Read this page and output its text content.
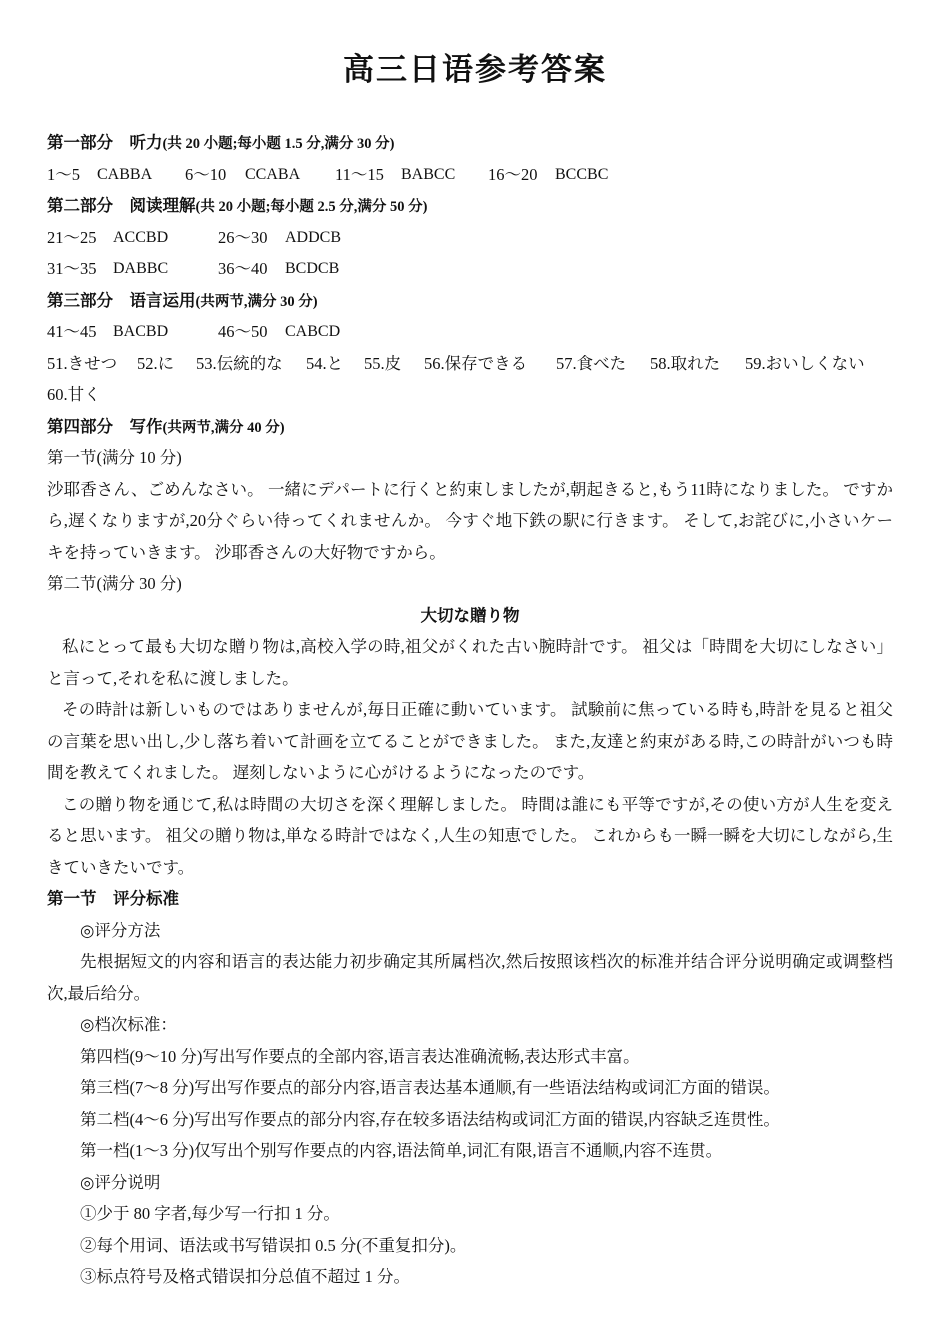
高三日语参考答案
第一部分　听力(共 20 小题;每小题 1.5 分,满分 30 分)
1～5 CABBA 6～10 CCABA 11～15 BABCC 16～20 BCCBC
第二部分　阅读理解(共 20 小题;每小题 2.5 分,满分 50 分)
21～25 ACCBD	26～30 ADDCB
31～35 DABBC	36～40 BCDCB
第三部分　语言运用(共两节,满分 30 分)
41～45 BACBD	46～50 CABCD
51.きせつ 52.に 53.伝統的な 54.と 55.皮 56.保存できる 57.食べた 58.取れた 59.おいしくない
60.甘く
第四部分　写作(共两节,满分 40 分)
第一节(满分 10 分)

沙耶香さん、ごめんなさい。 一緒にデパートに行くと約束しましたが,朝起きると,もう11時になりました。 ですから,遅くなりますが,20分ぐらい待ってくれませんか。 今すぐ地下鉄の駅に行きます。 そして,お詫びに,小さいケーキを持っていきます。 沙耶香さんの大好物ですから。

第二节(满分 30 分)
大切な贈り物

私にとって最も大切な贈り物は,高校入学の時,祖父がくれた古い腕時計です。 祖父は「時間を大切にしなさい」と言って,それを私に渡しました。

その時計は新しいものではありませんが,毎日正確に動いています。 試験前に焦っている時も,時計を見ると祖父の言葉を思い出し,少し落ち着いて計画を立てることができました。 また,友達と約束がある時,この時計がいつも時間を教えてくれました。 遅刻しないように心がけるようになったのです。

この贈り物を通じて,私は時間の大切さを深く理解しました。 時間は誰にも平等ですが,その使い方が人生を変えると思います。 祖父の贈り物は,単なる時計ではなく,人生の知恵でした。 これからも一瞬一瞬を大切にしながら,生きていきたいです。

第一节　评分标准
◎评分方法

先根据短文的内容和语言的表达能力初步确定其所属档次,然后按照该档次的标准并结合评分说明确定或调整档次,最后给分。

◎档次标准：
第四档(9～10 分)写出写作要点的全部内容,语言表达准确流畅,表达形式丰富。
第三档(7～8 分)写出写作要点的部分内容,语言表达基本通顺,有一些语法结构或词汇方面的错误。
第二档(4～6 分)写出写作要点的部分内容,存在较多语法结构或词汇方面的错误,内容缺乏连贯性。
第一档(1～3 分)仅写出个别写作要点的内容,语法简单,词汇有限,语言不通顺,内容不连贯。
◎评分说明
①少于 80 字者,每少写一行扣 1 分。
②每个用词、语法或书写错误扣 0.5 分(不重复扣分)。
③标点符号及格式错误扣分总值不超过 1 分。
